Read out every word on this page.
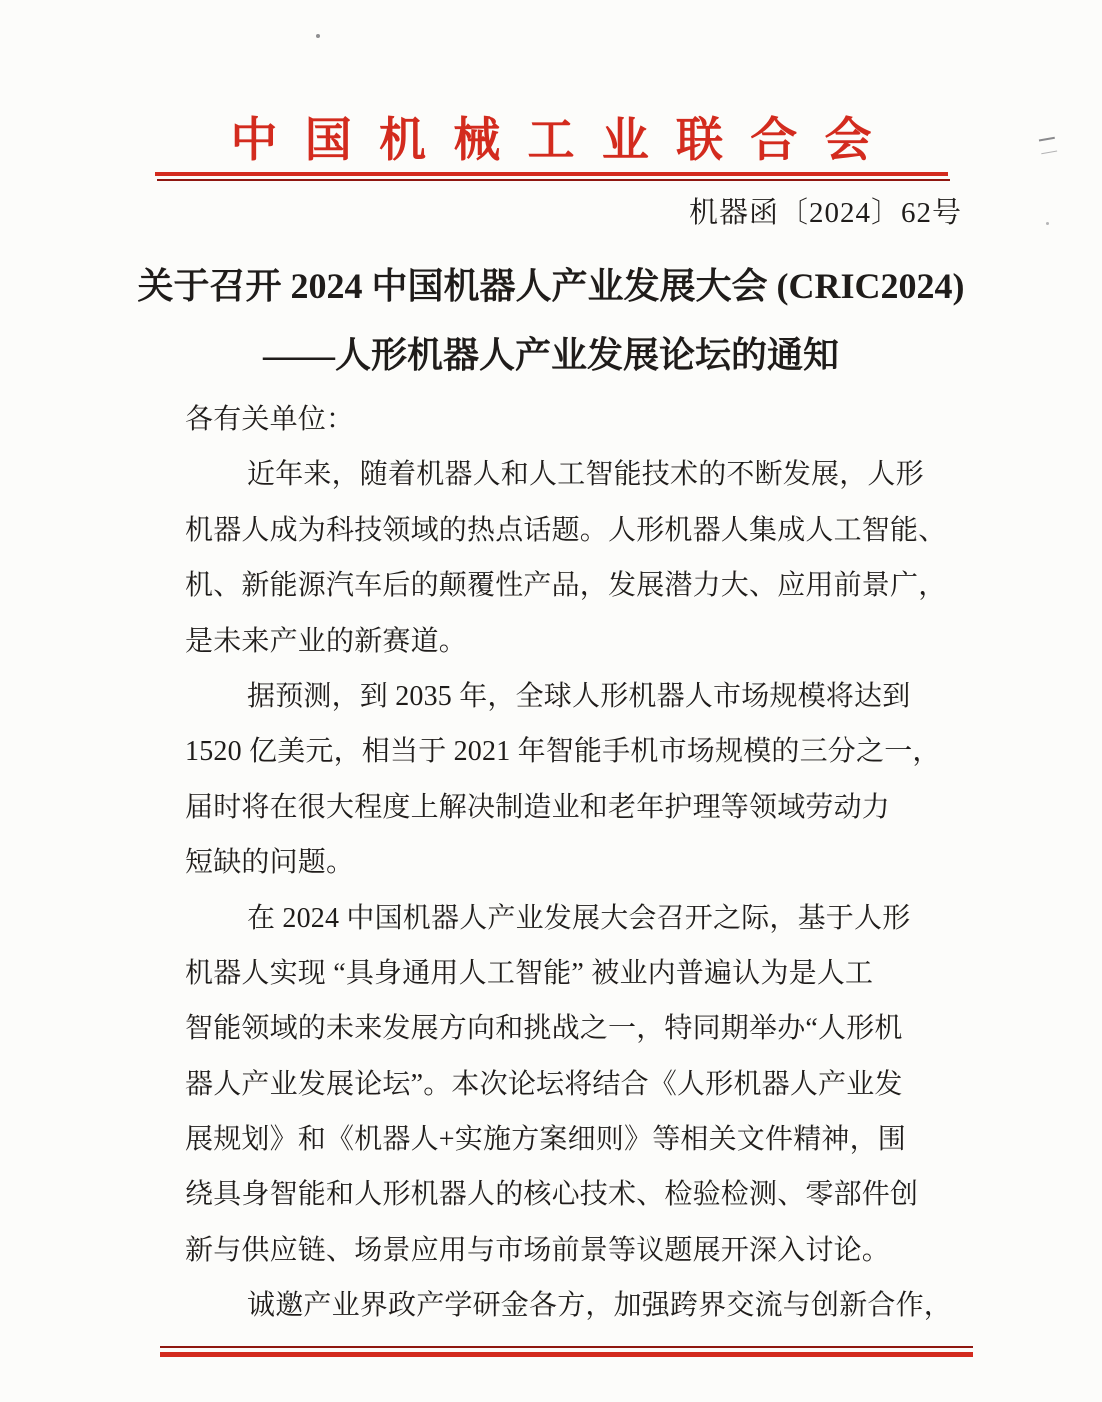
中国机械工业联合会
机器函〔2024〕62号
关于召开 2024 中国机器人产业发展大会 (CRIC2024)
——人形机器人产业发展论坛的通知
各有关单位：
近年来，随着机器人和人工智能技术的不断发展，人形
机器人成为科技领域的热点话题。人形机器人集成人工智能、
机、新能源汽车后的颠覆性产品，发展潜力大、应用前景广，
是未来产业的新赛道。
据预测，到 2035 年，全球人形机器人市场规模将达到
1520 亿美元，相当于 2021 年智能手机市场规模的三分之一，
届时将在很大程度上解决制造业和老年护理等领域劳动力
短缺的问题。
在 2024 中国机器人产业发展大会召开之际，基于人形
机器人实现 “具身通用人工智能” 被业内普遍认为是人工
智能领域的未来发展方向和挑战之一，特同期举办“人形机
器人产业发展论坛”。本次论坛将结合《人形机器人产业发
展规划》和《机器人+实施方案细则》等相关文件精神，围
绕具身智能和人形机器人的核心技术、检验检测、零部件创
新与供应链、场景应用与市场前景等议题展开深入讨论。
诚邀产业界政产学研金各方，加强跨界交流与创新合作，
